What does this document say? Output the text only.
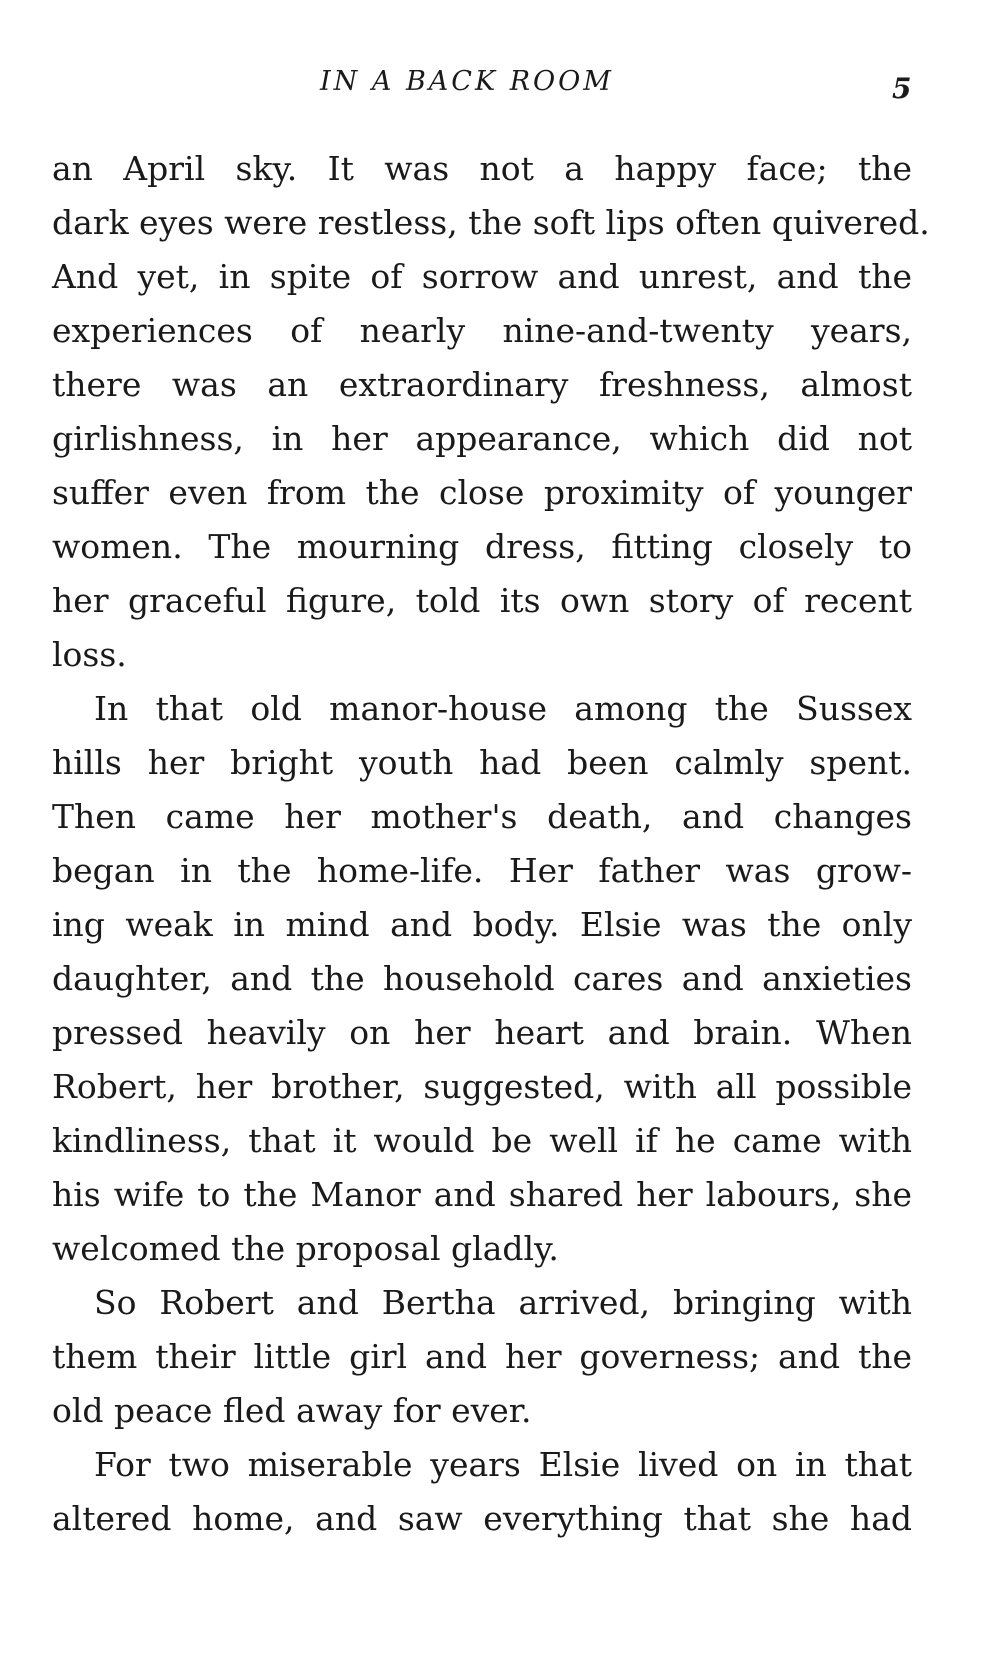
IN A BACK ROOM	5

an April sky. It was not a happy face; the
dark eyes were restless, the soft lips often quivered.
And yet, in spite of sorrow and unrest, and the
experiences of nearly nine-and-twenty years,
there was an extraordinary freshness, almost
girlishness, in her appearance, which did not
suffer even from the close proximity of younger
women. The mourning dress, fitting closely to
her graceful figure, told its own story of recent
loss.

In that old manor-house among the Sussex
hills her bright youth had been calmly spent.
Then came her mother's death, and changes
began in the home-life. Her father was grow-
ing weak in mind and body. Elsie was the only
daughter, and the household cares and anxieties
pressed heavily on her heart and brain. When
Robert, her brother, suggested, with all possible
kindliness, that it would be well if he came with
his wife to the Manor and shared her labours, she
welcomed the proposal gladly.

So Robert and Bertha arrived, bringing with
them their little girl and her governess; and the
old peace fled away for ever.

For two miserable years Elsie lived on in that
altered home, and saw everything that she had
